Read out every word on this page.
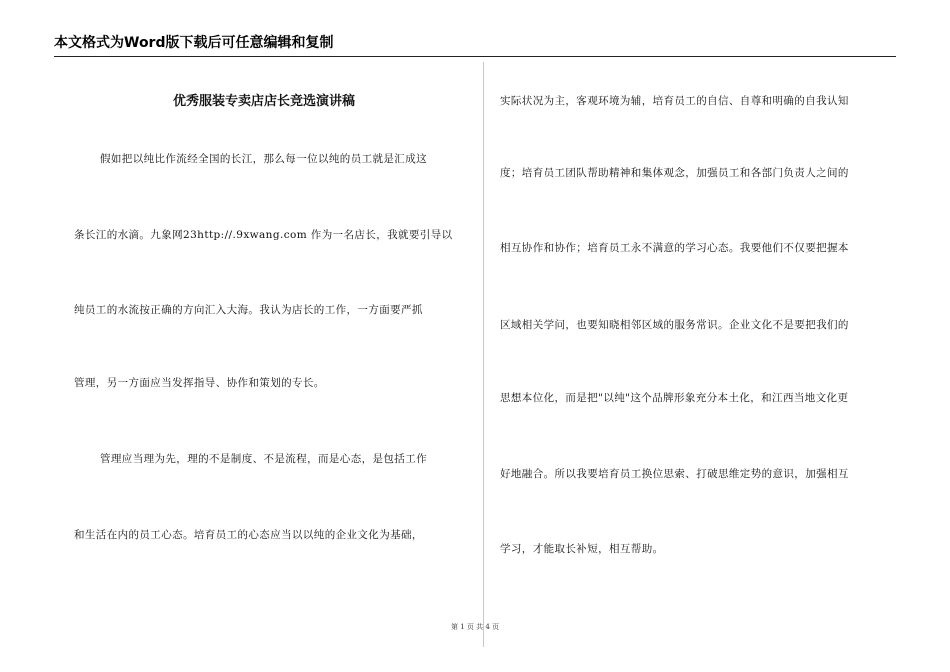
本文格式为Word版下载后可任意编辑和复制
优秀服装专卖店店长竞选演讲稿
假如把以纯比作流经全国的长江，那么每一位以纯的员工就是汇成这
条长江的水滴。九象网23http://.9xwang.com 作为一名店长，我就要引导以
纯员工的水流按正确的方向汇入大海。我认为店长的工作，一方面要严抓
管理，另一方面应当发挥指导、协作和策划的专长。
管理应当理为先，理的不是制度、不是流程，而是心态，是包括工作
和生活在内的员工心态。培育员工的心态应当以以纯的企业文化为基础，
实际状况为主，客观环境为辅，培育员工的自信、自尊和明确的自我认知
度；培育员工团队帮助精神和集体观念，加强员工和各部门负责人之间的
相互协作和协作；培育员工永不满意的学习心态。我要他们不仅要把握本
区域相关学问，也要知晓相邻区域的服务常识。企业文化不是要把我们的
思想本位化，而是把"以纯"这个品牌形象充分本土化，和江西当地文化更
好地融合。所以我要培育员工换位思索、打破思维定势的意识，加强相互
学习，才能取长补短，相互帮助。
第 1 页 共 4 页
